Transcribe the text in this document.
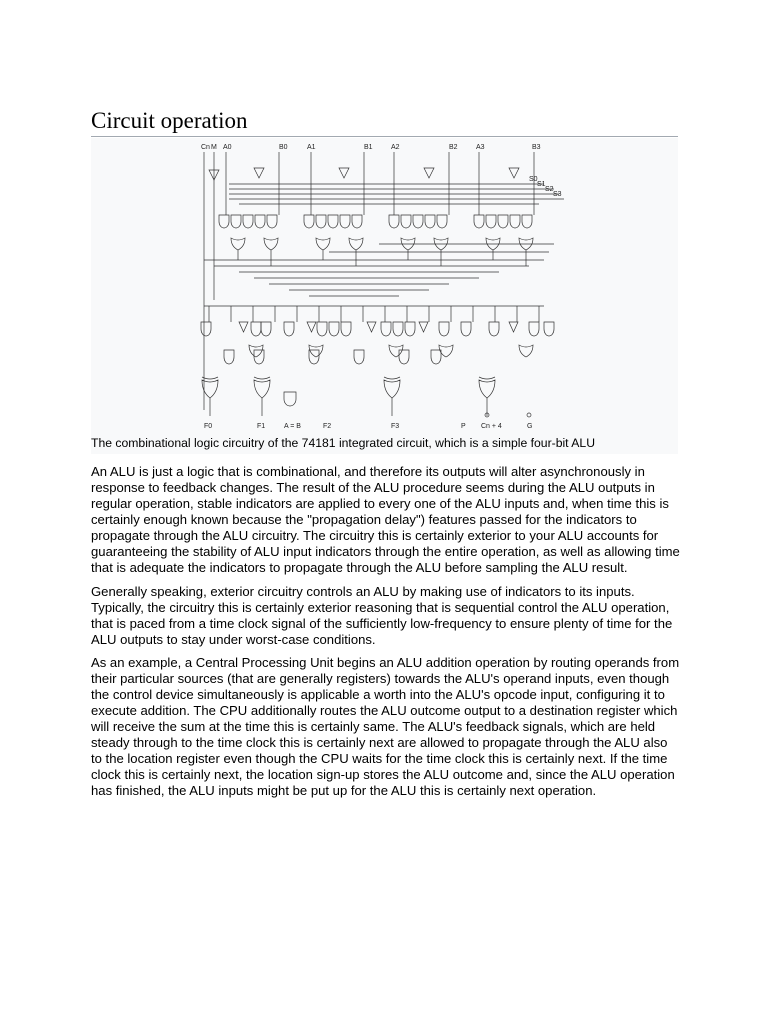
Circuit operation
Cn M A0	B0	A1	B1	A2	B2	A3	B3
S0
S1
S2
S3
F0	F1	A = B	F2	F3	P Cn + 4	G
The combinational logic circuitry of the 74181 integrated circuit, which is a simple four-bit ALU

An ALU is just a logic that is combinational, and therefore its outputs will alter asynchronously in response to feedback changes. The result of the ALU procedure seems during the ALU outputs in regular operation, stable indicators are applied to every one of the ALU inputs and, when time this is certainly enough known because the "propagation delay") features passed for the indicators to propagate through the ALU circuitry. The circuitry this is certainly exterior to your ALU accounts for guaranteeing the stability of ALU input indicators through the entire operation, as well as allowing time that is adequate the indicators to propagate through the ALU before sampling the ALU result.

Generally speaking, exterior circuitry controls an ALU by making use of indicators to its inputs. Typically, the circuitry this is certainly exterior reasoning that is sequential control the ALU operation, that is paced from a time clock signal of the sufficiently low-frequency to ensure plenty of time for the ALU outputs to stay under worst-case conditions.

As an example, a Central Processing Unit begins an ALU addition operation by routing operands from their particular sources (that are generally registers) towards the ALU's operand inputs, even though the control device simultaneously is applicable a worth into the ALU's opcode input, configuring it to execute addition. The CPU additionally routes the ALU outcome output to a destination register which will receive the sum at the time this is certainly same. The ALU's feedback signals, which are held steady through to the time clock this is certainly next are allowed to propagate through the ALU also to the location register even though the CPU waits for the time clock this is certainly next. If the time clock this is certainly next, the location sign-up stores the ALU outcome and, since the ALU operation has finished, the ALU inputs might be put up for the ALU this is certainly next operation.
